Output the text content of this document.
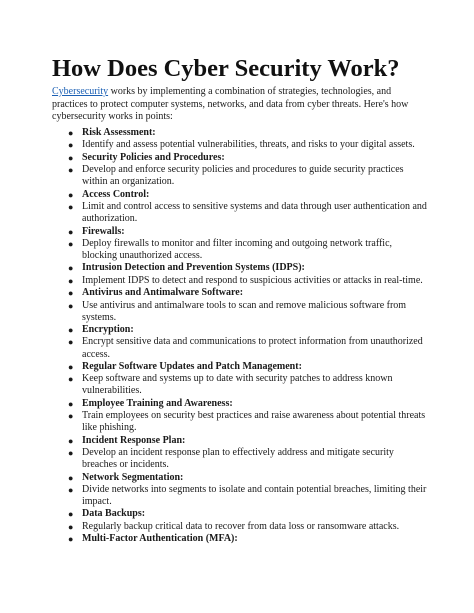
How Does Cyber Security Work?

Cybersecurity works by implementing a combination of strategies, technologies, and practices to protect computer systems, networks, and data from cyber threats. Here's how cybersecurity works in points:

● Risk Assessment:
● Identify and assess potential vulnerabilities, threats, and risks to your digital assets.
● Security Policies and Procedures:
● Develop and enforce security policies and procedures to guide security practices within an organization.
● Access Control:
● Limit and control access to sensitive systems and data through user authentication and authorization.
● Firewalls:
● Deploy firewalls to monitor and filter incoming and outgoing network traffic, blocking unauthorized access.
● Intrusion Detection and Prevention Systems (IDPS):
● Implement IDPS to detect and respond to suspicious activities or attacks in real-time.
● Antivirus and Antimalware Software:
● Use antivirus and antimalware tools to scan and remove malicious software from systems.
● Encryption:
● Encrypt sensitive data and communications to protect information from unauthorized access.
● Regular Software Updates and Patch Management:
● Keep software and systems up to date with security patches to address known vulnerabilities.
● Employee Training and Awareness:
● Train employees on security best practices and raise awareness about potential threats like phishing.
● Incident Response Plan:
● Develop an incident response plan to effectively address and mitigate security breaches or incidents.
● Network Segmentation:
● Divide networks into segments to isolate and contain potential breaches, limiting their impact.
● Data Backups:
● Regularly backup critical data to recover from data loss or ransomware attacks.
● Multi-Factor Authentication (MFA):
